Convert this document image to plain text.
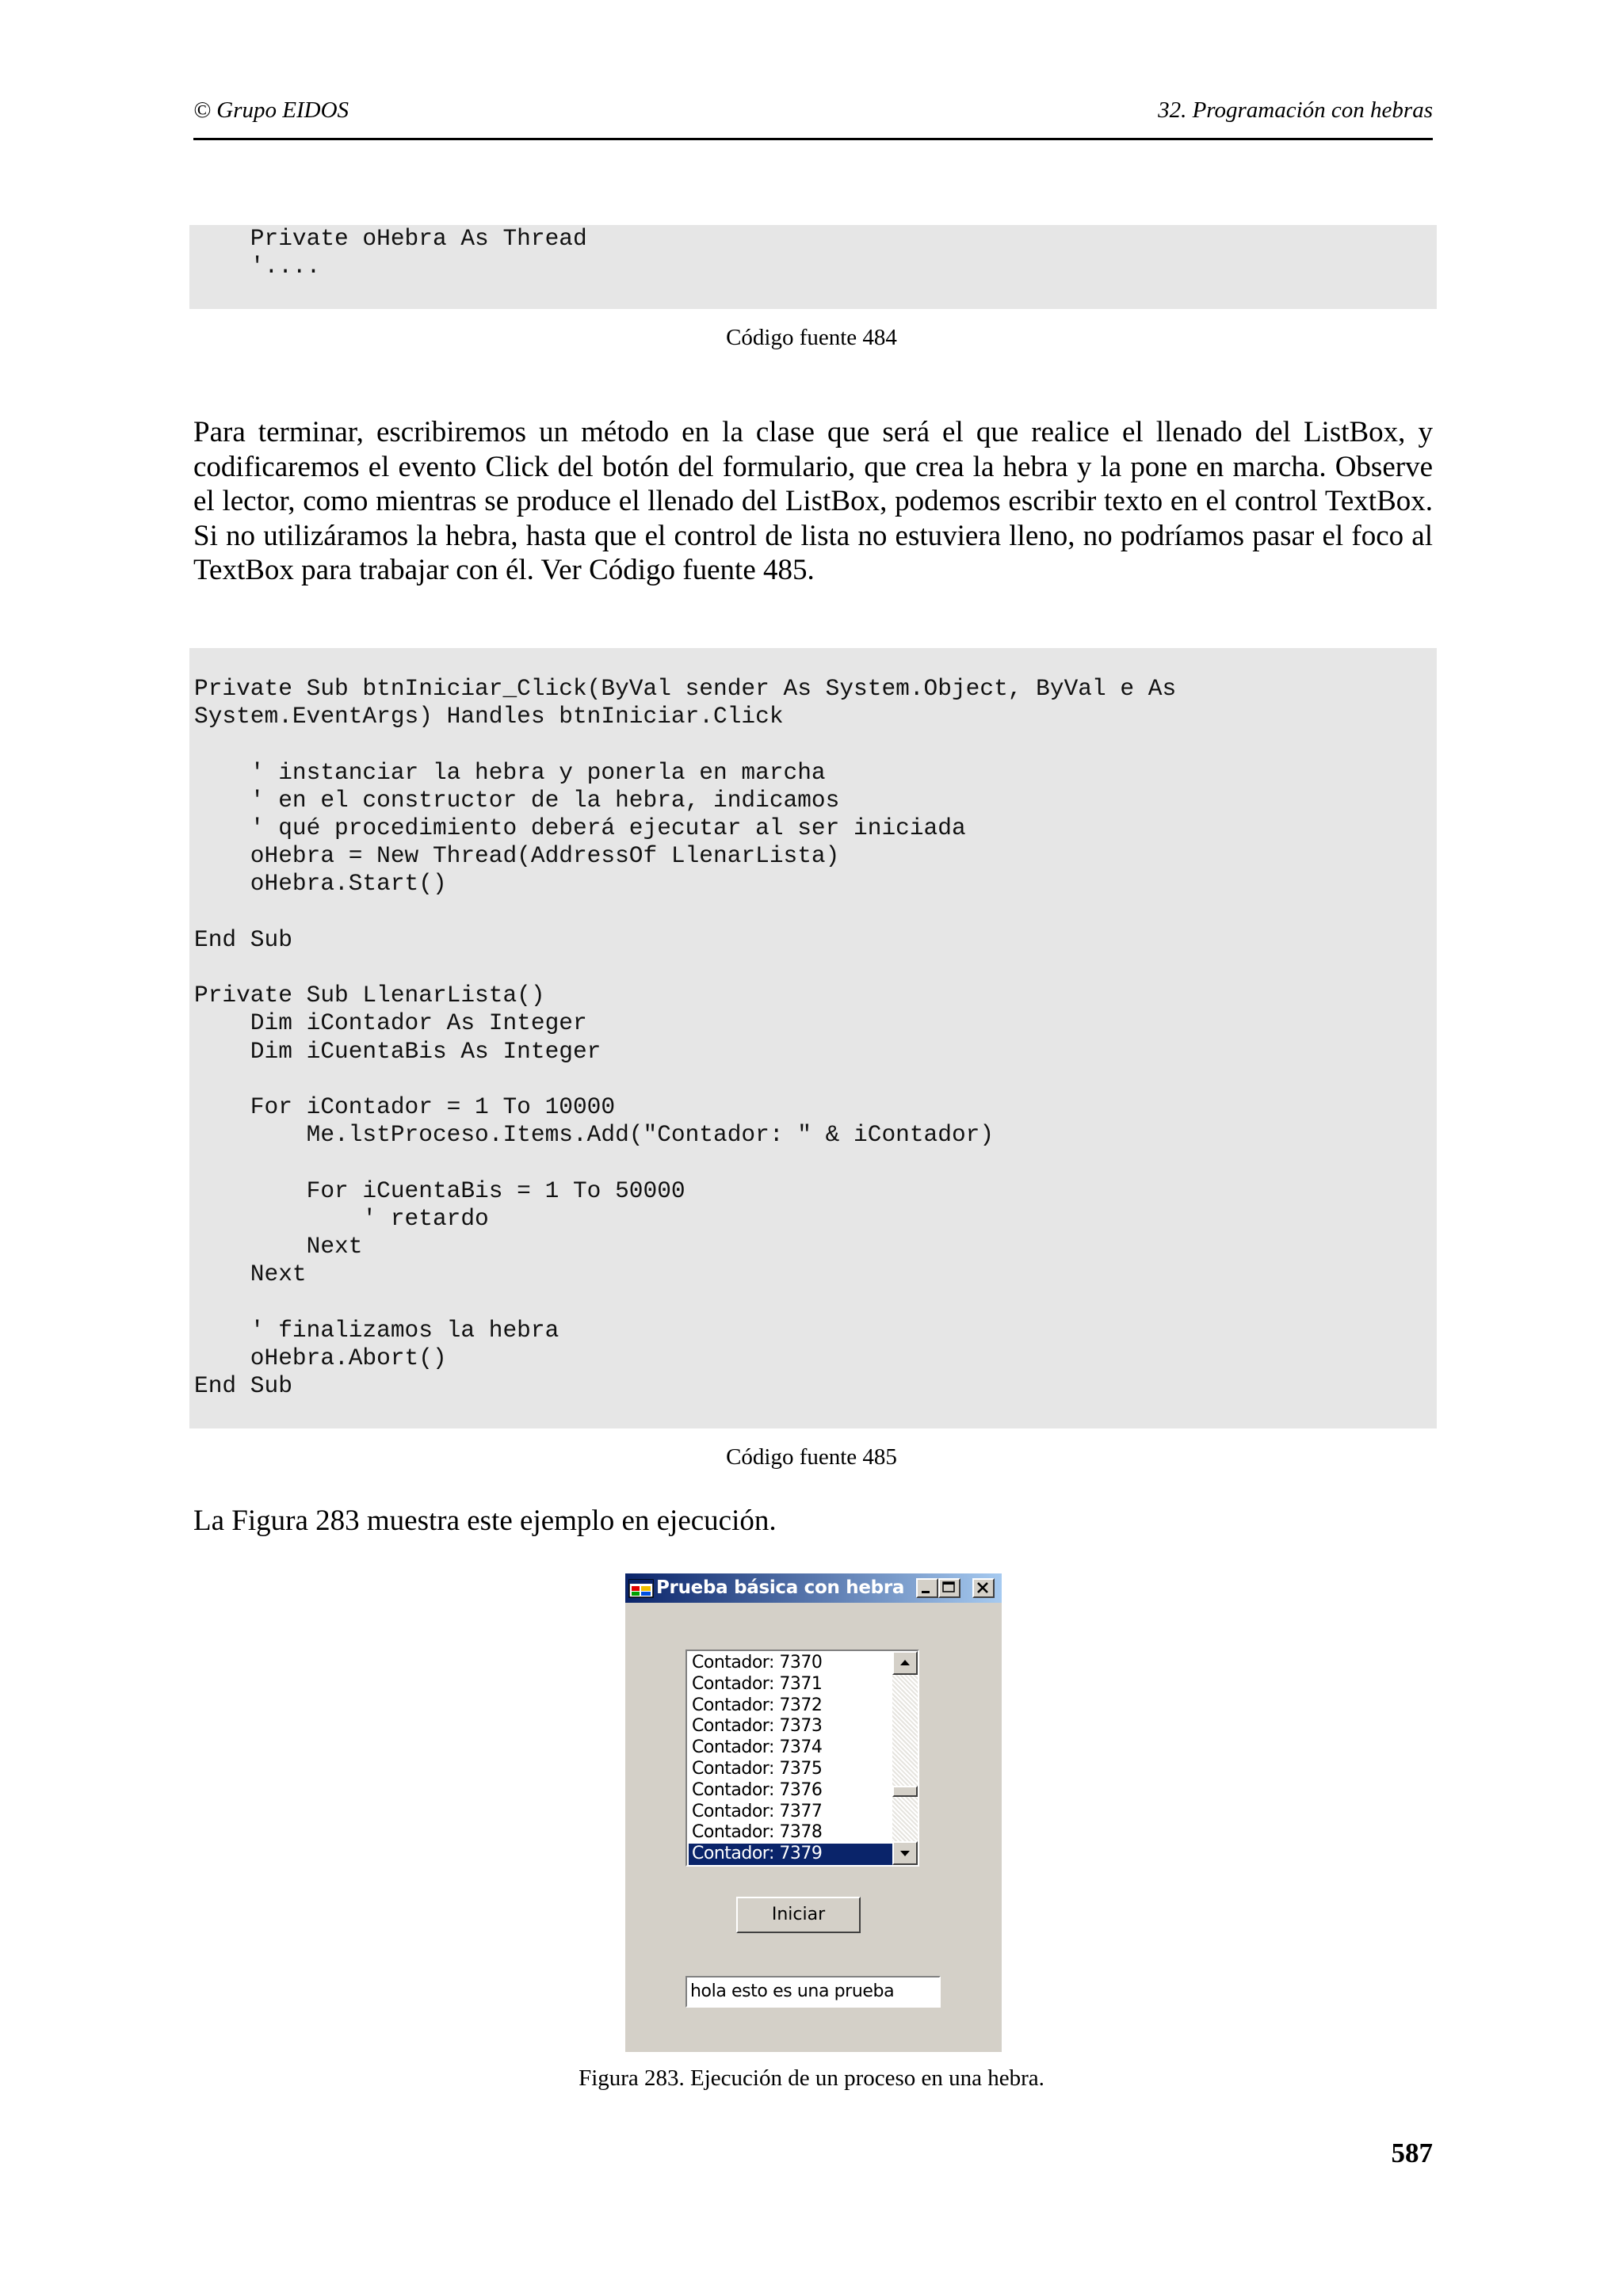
© Grupo EIDOS	32. Programación con hebras
Private oHebra As Thread
'....
Código fuente 484

Para terminar, escribiremos un método en la clase que será el que realice el llenado del ListBox, y codificaremos el evento Click del botón del formulario, que crea la hebra y la pone en marcha. Observe el lector, como mientras se produce el llenado del ListBox, podemos escribir texto en el control TextBox. Si no utilizáramos la hebra, hasta que el control de lista no estuviera lleno, no podríamos pasar el foco al TextBox para trabajar con él. Ver Código fuente 485.

Private Sub btnIniciar_Click(ByVal sender As System.Object, ByVal e As
System.EventArgs) Handles btnIniciar.Click

' instanciar la hebra y ponerla en marcha
' en el constructor de la hebra, indicamos
' qué procedimiento deberá ejecutar al ser iniciada
oHebra = New Thread(AddressOf LlenarLista)
oHebra.Start()

End Sub

Private Sub LlenarLista()
Dim iContador As Integer
Dim iCuentaBis As Integer

For iContador = 1 To 10000
Me.lstProceso.Items.Add("Contador: " & iContador)

For iCuentaBis = 1 To 50000
' retardo
Next
Next

' finalizamos la hebra
oHebra.Abort()
End Sub
Código fuente 485

La Figura 283 muestra este ejemplo en ejecución.

Prueba básica con hebra
Contador: 7370
Contador: 7371
Contador: 7372
Contador: 7373
Contador: 7374
Contador: 7375
Contador: 7376
Contador: 7377
Contador: 7378
Contador: 7379
Iniciar
hola esto es una prueba
Figura 283. Ejecución de un proceso en una hebra.
587
